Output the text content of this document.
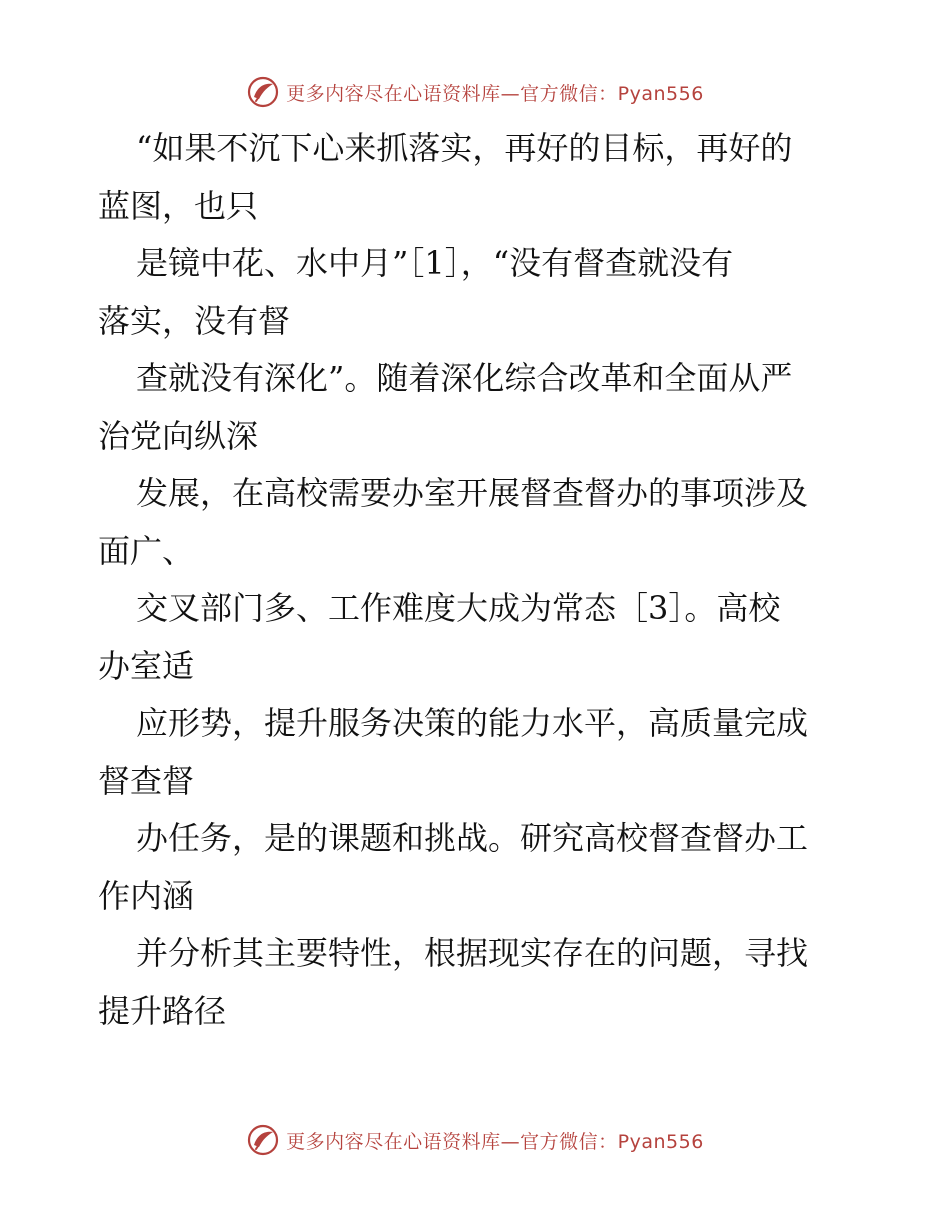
更多内容尽在心语资料库—官方微信：Pyan556
“如果不沉下心来抓落实，再好的目标，再好的
蓝图，也只
是镜中花、水中月”［1］，“没有督查就没有
落实，没有督
查就没有深化”。随着深化综合改革和全面从严
治党向纵深
发展，在高校需要办室开展督查督办的事项涉及
面广、
交叉部门多、工作难度大成为常态［3］。高校
办室适
应形势，提升服务决策的能力水平，高质量完成
督查督
办任务，是的课题和挑战。研究高校督查督办工
作内涵
并分析其主要特性，根据现实存在的问题，寻找
提升路径
更多内容尽在心语资料库—官方微信：Pyan556
